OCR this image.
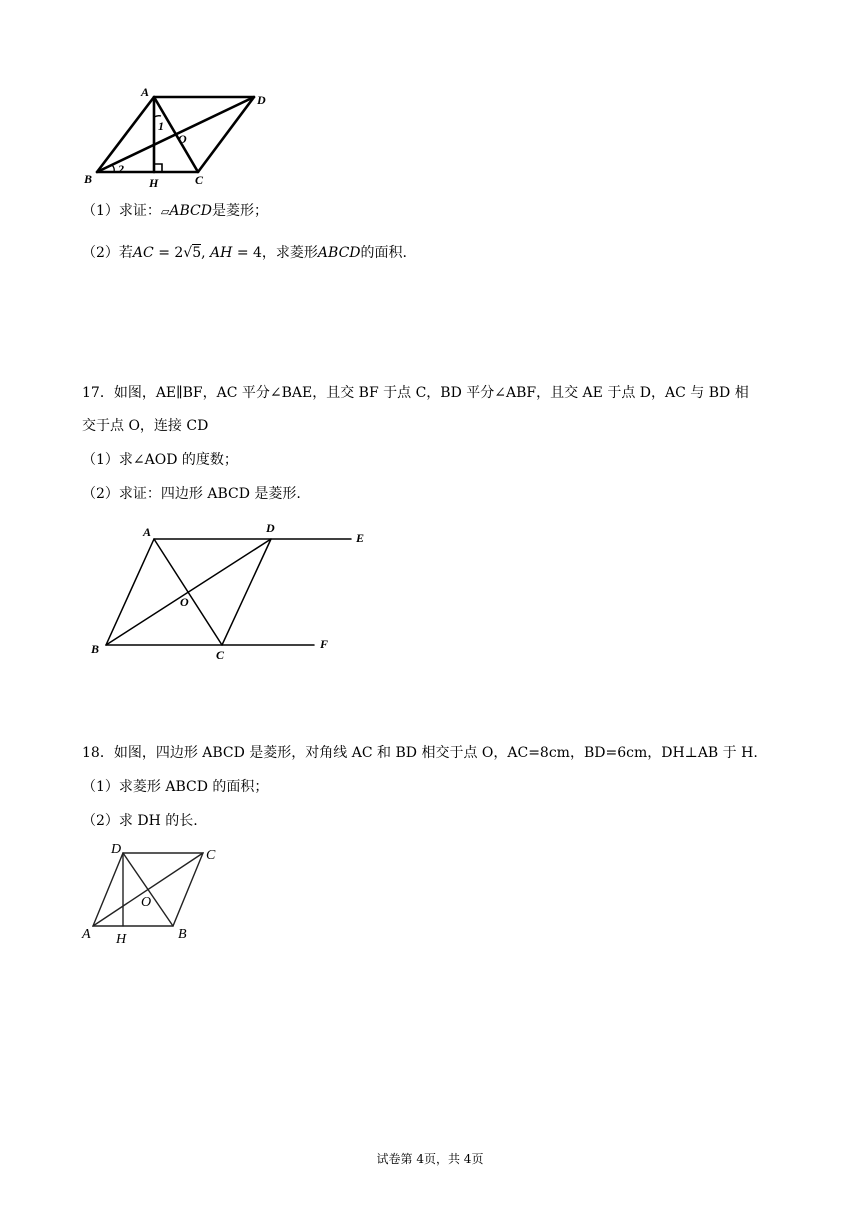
A
D
B	C
H
O
1
2
（1）求证：▱ABCD是菱形；
（2）若AC = 2√5, AH = 4，求菱形ABCD的面积.
17．如图，AE∥BF，AC 平分∠BAE，且交 BF 于点 C，BD 平分∠ABF，且交 AE 于点 D，AC 与 BD 相
交于点 O，连接 CD
（1）求∠AOD 的度数；
（2）求证：四边形 ABCD 是菱形.
A	D
E
B	C
F
O
18．如图，四边形 ABCD 是菱形，对角线 AC 和 BD 相交于点 O，AC=8cm，BD=6cm，DH⊥AB 于 H.
（1）求菱形 ABCD 的面积；
（2）求 DH 的长.
D	C
A H	B
O
试卷第 4页，共 4页
